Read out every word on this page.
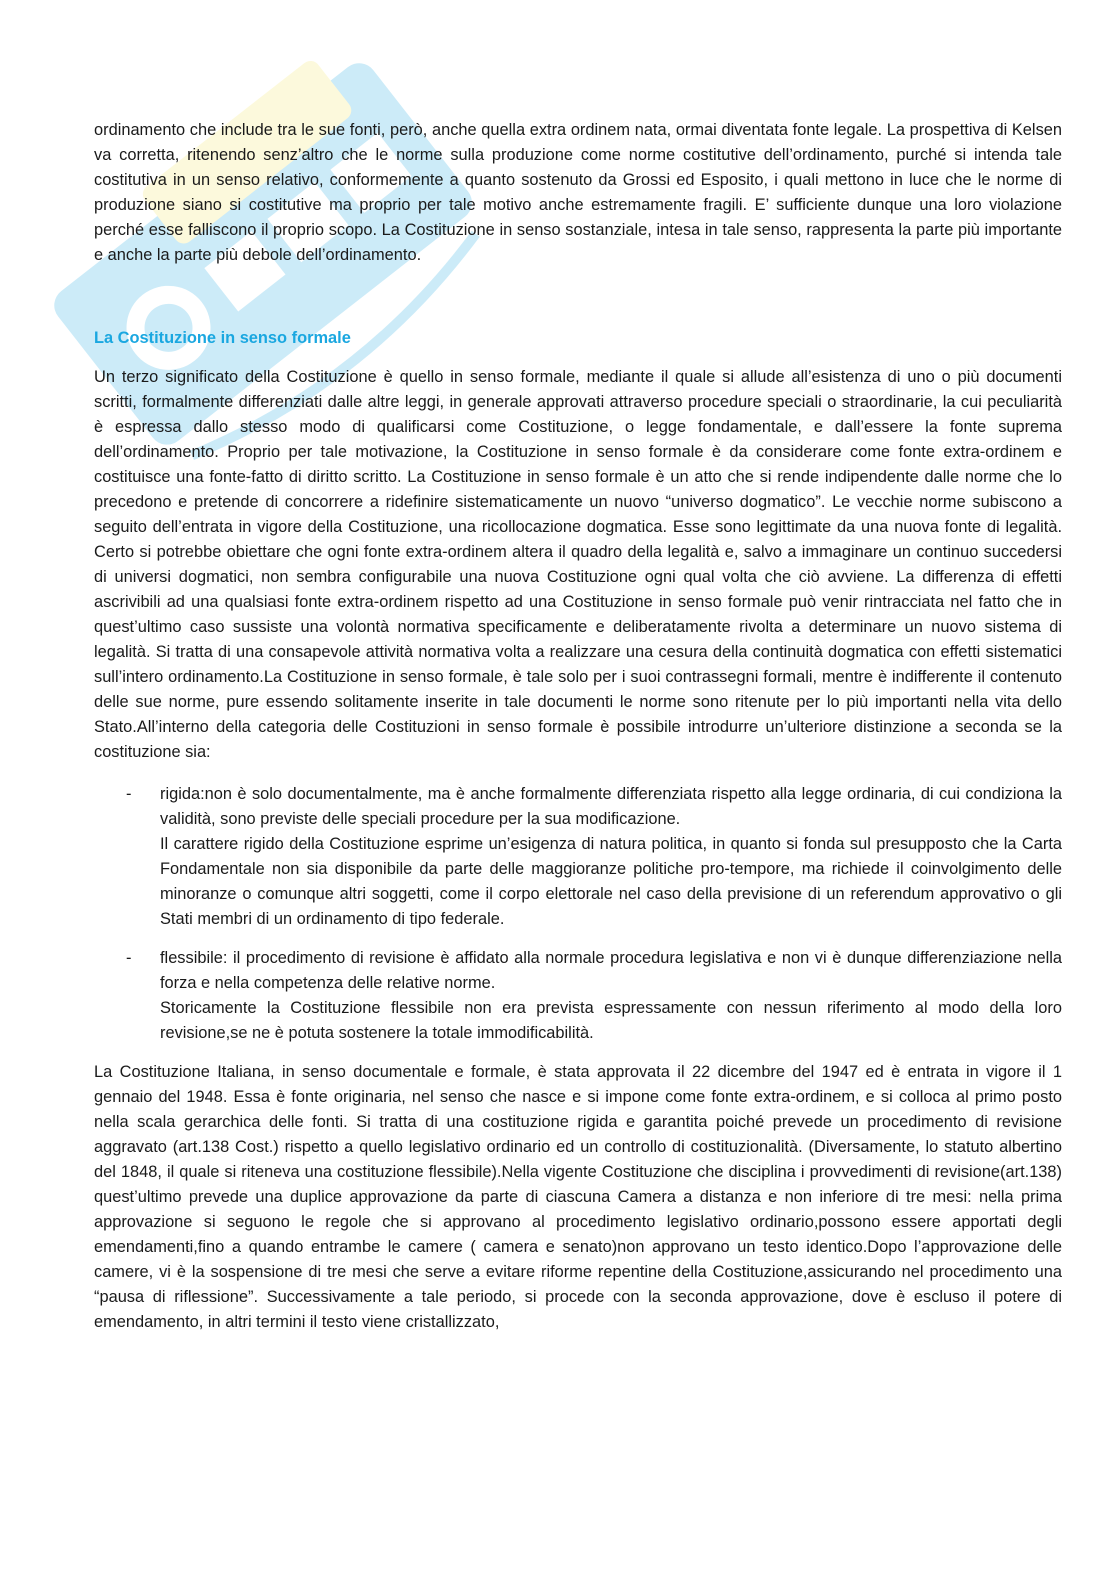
ordinamento che include tra le sue fonti, però, anche quella extra ordinem nata, ormai diventata fonte legale. La prospettiva di Kelsen va corretta, ritenendo senz’altro che le norme sulla produzione come norme costitutive dell’ordinamento, purché si intenda tale costitutiva in un senso relativo, conformemente a quanto sostenuto da Grossi ed Esposito, i quali mettono in luce che le norme di produzione siano si costitutive ma proprio per tale motivo anche estremamente fragili. E’ sufficiente dunque una loro violazione perché esse falliscono il proprio scopo. La Costituzione in senso sostanziale, intesa in tale senso, rappresenta la parte più importante e anche la parte più debole dell’ordinamento.

La Costituzione in senso formale

Un terzo significato della Costituzione è quello in senso formale, mediante il quale si allude all’esistenza di uno o più documenti scritti, formalmente differenziati dalle altre leggi, in generale approvati attraverso procedure speciali o straordinarie, la cui peculiarità è espressa dallo stesso modo di qualificarsi come Costituzione, o legge fondamentale, e dall’essere la fonte suprema dell’ordinamento. Proprio per tale motivazione, la Costituzione in senso formale è da considerare come fonte extra-ordinem e costituisce una fonte-fatto di diritto scritto. La Costituzione in senso formale è un atto che si rende indipendente dalle norme che lo precedono e pretende di concorrere a ridefinire sistematicamente un nuovo “universo dogmatico”. Le vecchie norme subiscono a seguito dell’entrata in vigore della Costituzione, una ricollocazione dogmatica. Esse sono legittimate da una nuova fonte di legalità. Certo si potrebbe obiettare che ogni fonte extra-ordinem altera il quadro della legalità e, salvo a immaginare un continuo succedersi di universi dogmatici, non sembra configurabile una nuova Costituzione ogni qual volta che ciò avviene. La differenza di effetti ascrivibili ad una qualsiasi fonte extra-ordinem rispetto ad una Costituzione in senso formale può venir rintracciata nel fatto che in quest’ultimo caso sussiste una volontà normativa specificamente e deliberatamente rivolta a determinare un nuovo sistema di legalità. Si tratta di una consapevole attività normativa volta a realizzare una cesura della continuità dogmatica con effetti sistematici sull’intero ordinamento.La Costituzione in senso formale, è tale solo per i suoi contrassegni formali, mentre è indifferente il contenuto delle sue norme, pure essendo solitamente inserite in tale documenti le norme sono ritenute per lo più importanti nella vita dello Stato.All’interno della categoria delle Costituzioni in senso formale è possibile introdurre un’ulteriore distinzione a seconda se la costituzione sia:

- rigida:non è solo documentalmente, ma è anche formalmente differenziata rispetto alla legge ordinaria, di cui condiziona la validità, sono previste delle speciali procedure per la sua modificazione.

Il carattere rigido della Costituzione esprime un’esigenza di natura politica, in quanto si fonda sul presupposto che la Carta Fondamentale non sia disponibile da parte delle maggioranze politiche pro-tempore, ma richiede il coinvolgimento delle minoranze o comunque altri soggetti, come il corpo elettorale nel caso della previsione di un referendum approvativo o gli Stati membri di un ordinamento di tipo federale.

- flessibile: il procedimento di revisione è affidato alla normale procedura legislativa e non vi è dunque differenziazione nella forza e nella competenza delle relative norme.

Storicamente la Costituzione flessibile non era prevista espressamente con nessun riferimento al modo della loro revisione,se ne è potuta sostenere la totale immodificabilità.

La Costituzione Italiana, in senso documentale e formale, è stata approvata il 22 dicembre del 1947 ed è entrata in vigore il 1 gennaio del 1948. Essa è fonte originaria, nel senso che nasce e si impone come fonte extra-ordinem, e si colloca al primo posto nella scala gerarchica delle fonti. Si tratta di una costituzione rigida e garantita poiché prevede un procedimento di revisione aggravato (art.138 Cost.) rispetto a quello legislativo ordinario ed un controllo di costituzionalità. (Diversamente, lo statuto albertino del 1848, il quale si riteneva una costituzione flessibile).Nella vigente Costituzione che disciplina i provvedimenti di revisione(art.138) quest’ultimo prevede una duplice approvazione da parte di ciascuna Camera a distanza e non inferiore di tre mesi: nella prima approvazione si seguono le regole che si approvano al procedimento legislativo ordinario,possono essere apportati degli emendamenti,fino a quando entrambe le camere ( camera e senato)non approvano un testo identico.Dopo l’approvazione delle camere, vi è la sospensione di tre mesi che serve a evitare riforme repentine della Costituzione,assicurando nel procedimento una “pausa di riflessione”. Successivamente a tale periodo, si procede con la seconda approvazione, dove è escluso il potere di emendamento, in altri termini il testo viene cristallizzato,
